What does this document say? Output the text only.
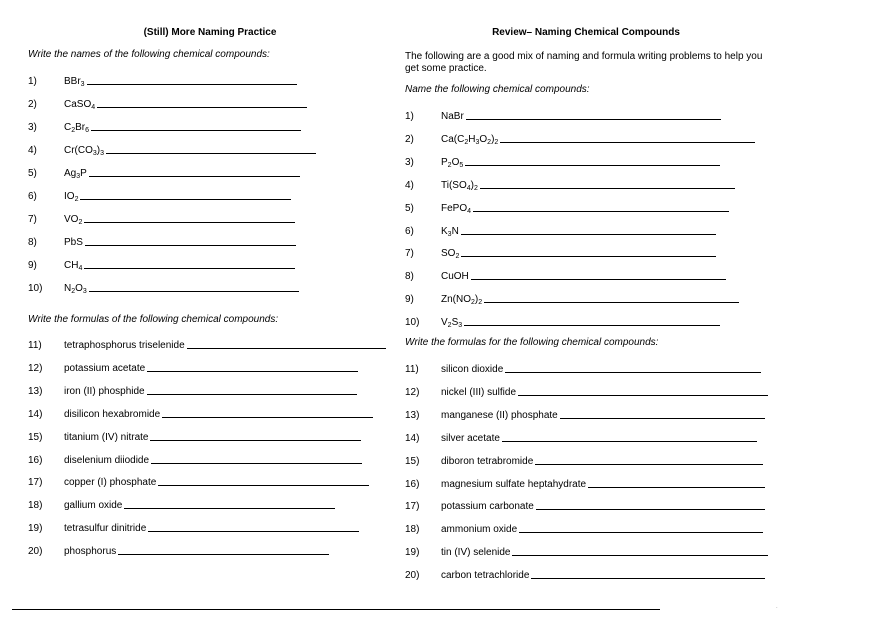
(Still) More Naming Practice
Write the names of the following chemical compounds:
1)	BBr$_3$
2)	CaSO$_4$
3)	$C_2Br_6$
4)	$Cr(CO_3)_3$
5)	$Ag_3P$
6)	$IO_2$
7)	$VO_2$
8)	PbS
9)	$CH_4$
10)	$N_2O_3$
Write the formulas of the following chemical compounds:
11)	tetraphosphorus triselenide
12)	potassium acetate
13)	iron (II) phosphide
14)	disilicon hexabromide
15)	titanium (IV) nitrate
16)	diselenium diiodide
17)	copper (I) phosphate
18)	gallium oxide
19)	tetrasulfur dinitride
20)	phosphorus
Review– Naming Chemical Compounds
The following are a good mix of naming and formula writing problems to help you
get some practice.
Name the following chemical compounds:
1)	NaBr
2)	$Ca(C_2H_3O_2)_2$
3)	$P_2O_5$
4)	$Ti(SO_4)_2$
5)	FePO$_4$
6)	$K_3N$
7)	$SO_2$
8)	CuOH
9)	$Zn(NO_2)_2$
10)	$V_2S_3$
Write the formulas for the following chemical compounds:
11)	silicon dioxide
12)	nickel (III) sulfide
13)	manganese (II) phosphate
14)	silver acetate
15)	diboron tetrabromide
16)	magnesium sulfate heptahydrate
17)	potassium carbonate
18)	ammonium oxide
19)	tin (IV) selenide
20)	carbon tetrachloride
.
